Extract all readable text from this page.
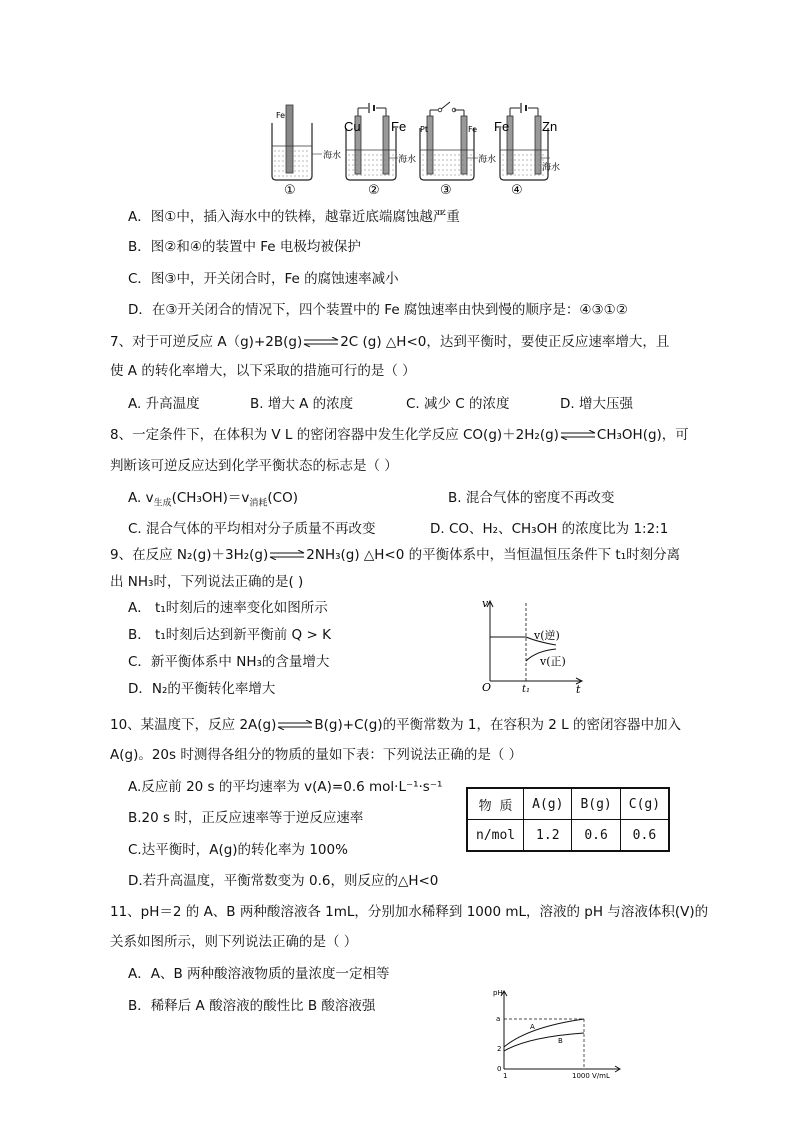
Fe
海水
①
Cu Fe
海水
②
Pt	Fe
海水
③
Fe	Zn
海水
④
A．图①中，插入海水中的铁棒，越靠近底端腐蚀越严重
B．图②和④的装置中 Fe 电极均被保护
C．图③中，开关闭合时，Fe 的腐蚀速率减小
D．在③开关闭合的情况下，四个装置中的 Fe 腐蚀速率由快到慢的顺序是：④③①②
7、对于可逆反应 A（g)+2B(g)⇌2C (g) △H<0，达到平衡时，要使正反应速率增大，且
使 A 的转化率增大，以下采取的措施可行的是（ ）
A. 升高温度	B. 增大 A 的浓度	C. 减少 C 的浓度	D. 增大压强
8、一定条件下，在体积为 V L 的密闭容器中发生化学反应 CO(g)＋2H₂(g)⇌CH₃OH(g)，可
判断该可逆反应达到化学平衡状态的标志是（ ）
A. $v_{生成}(CH_3OH)=v_{消耗}(CO)$	B. 混合气体的密度不再改变
C. 混合气体的平均相对分子质量不再改变	D. CO、H₂、CH₃OH 的浓度比为 1:2:1
9、在反应 N₂(g)＋3H₂(g)⇌2NH₃(g) △H<0 的平衡体系中，当恒温恒压条件下 t₁时刻分离
出 NH₃时，下列说法正确的是( )
A． t₁时刻后的速率变化如图所示
B． t₁时刻后达到新平衡前 Q > K
C．新平衡体系中 NH₃的含量增大
D．N₂的平衡转化率增大
v
t
O	t₁
v(逆)
v(正)
10、某温度下，反应 2A(g)⇌B(g)+C(g)的平衡常数为 1，在容积为 2 L 的密闭容器中加入
A(g)。20s 时测得各组分的物质的量如下表：下列说法正确的是（ ）
A.反应前 20 s 的平均速率为 v(A)=0.6 mol·L⁻¹·s⁻¹
B.20 s 时，正反应速率等于逆反应速率
C.达平衡时，A(g)的转化率为 100%
D.若升高温度，平衡常数变为 0.6，则反应的△H<0
物 质	A(g)	B(g)	C(g)
n/mol	1.2	0.6	0.6
11、pH＝2 的 A、B 两种酸溶液各 1mL，分别加水稀释到 1000 mL，溶液的 pH 与溶液体积(V)的
关系如图所示，则下列说法正确的是（ ）
A．A、B 两种酸溶液物质的量浓度一定相等
B．稀释后 A 酸溶液的酸性比 B 酸溶液强
pH
a
2
0
1	1000 V/mL
A
B
